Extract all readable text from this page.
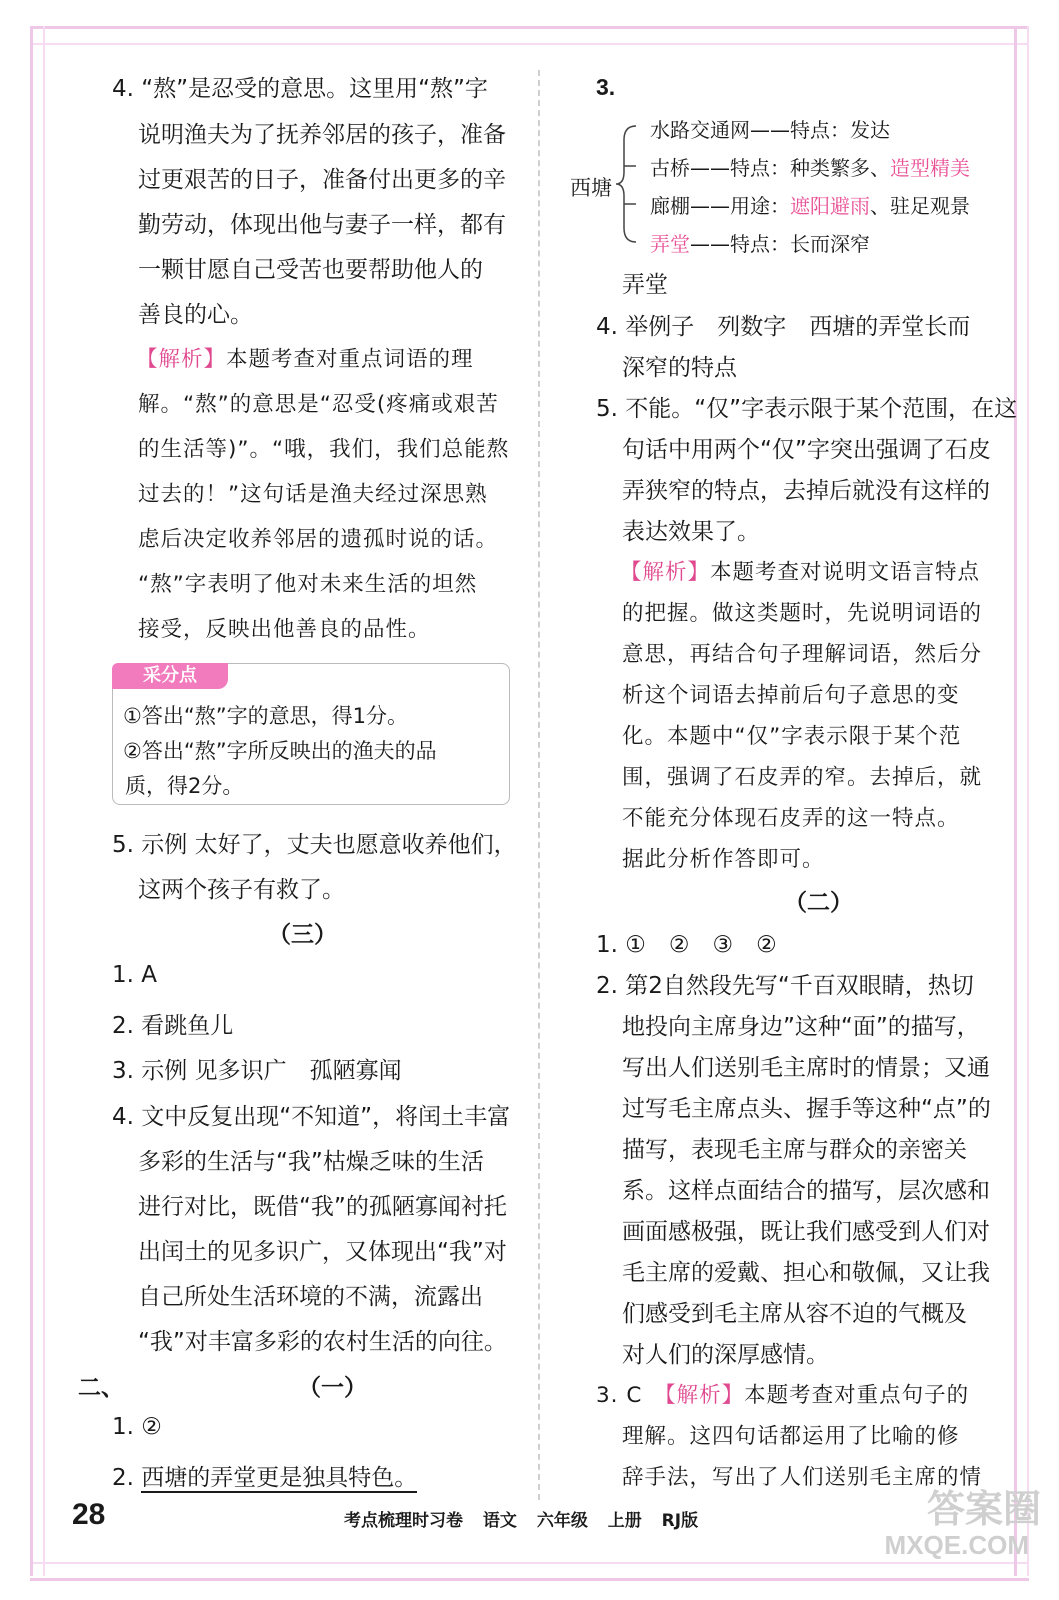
4. “熬”是忍受的意思。这里用“熬”字
说明渔夫为了抚养邻居的孩子，准备
过更艰苦的日子，准备付出更多的辛
勤劳动，体现出他与妻子一样，都有
一颗甘愿自己受苦也要帮助他人的
善良的心。
【解析】本题考查对重点词语的理
解。“熬”的意思是“忍受(疼痛或艰苦
的生活等)”。“哦，我们，我们总能熬
过去的！”这句话是渔夫经过深思熟
虑后决定收养邻居的遗孤时说的话。
“熬”字表明了他对未来生活的坦然
接受，反映出他善良的品性。
采分点
①答出“熬”字的意思，得1分。
②答出“熬”字所反映出的渔夫的品
质，得2分。
5. 示例 太好了，丈夫也愿意收养他们，
这两个孩子有救了。
（三）
1. A
2. 看跳鱼儿
3. 示例 见多识广　孤陋寡闻
4. 文中反复出现“不知道”，将闰土丰富
多彩的生活与“我”枯燥乏味的生活
进行对比，既借“我”的孤陋寡闻衬托
出闰土的见多识广，又体现出“我”对
自己所处生活环境的不满，流露出
“我”对丰富多彩的农村生活的向往。
二、	（一）
1. ②
2. 西塘的弄堂更是独具特色。
3.
西塘
水路交通网——特点：发达
古桥——特点：种类繁多、造型精美
廊棚——用途：遮阳避雨、驻足观景
弄堂——特点：长而深窄
弄堂
4. 举例子　列数字　西塘的弄堂长而
深窄的特点
5. 不能。“仅”字表示限于某个范围，在这
句话中用两个“仅”字突出强调了石皮
弄狭窄的特点，去掉后就没有这样的
表达效果了。
【解析】本题考查对说明文语言特点
的把握。做这类题时，先说明词语的
意思，再结合句子理解词语，然后分
析这个词语去掉前后句子意思的变
化。本题中“仅”字表示限于某个范
围，强调了石皮弄的窄。去掉后，就
不能充分体现石皮弄的这一特点。
据此分析作答即可。
（二）
1. ①　②　③　②
2. 第2自然段先写“千百双眼睛，热切
地投向主席身边”这种“面”的描写，
写出人们送别毛主席时的情景；又通
过写毛主席点头、握手等这种“点”的
描写，表现毛主席与群众的亲密关
系。这样点面结合的描写，层次感和
画面感极强，既让我们感受到人们对
毛主席的爱戴、担心和敬佩，又让我
们感受到毛主席从容不迫的气概及
对人们的深厚感情。
3. C　 【解析】本题考查对重点句子的
理解。这四句话都运用了比喻的修
辞手法，写出了人们送别毛主席的情
28	考点梳理时习卷 语文 六年级 上册 RJ版	答案圈
MXQE.COM
